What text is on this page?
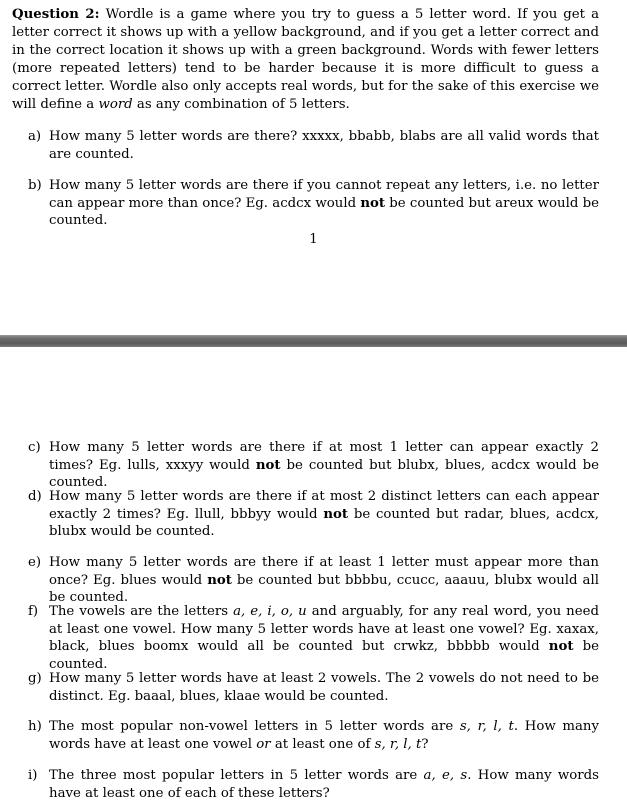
Question 2: Wordle is a game where you try to guess a 5 letter word. If you get a letter correct it shows up with a yellow background, and if you get a letter correct and in the correct location it shows up with a green background. Words with fewer letters (more repeated letters) tend to be harder because it is more difficult to guess a correct letter. Wordle also only accepts real words, but for the sake of this exercise we will define a word as any combination of 5 letters.

a) How many 5 letter words are there? xxxxx, bbabb, blabs are all valid words that are counted.
b) How many 5 letter words are there if you cannot repeat any letters, i.e. no letter can appear more than once? Eg. acdcx would not be counted but areux would be counted.
1
c) How many 5 letter words are there if at most 1 letter can appear exactly 2 times? Eg. lulls, xxxyy would not be counted but blubx, blues, acdcx would be counted.
d) How many 5 letter words are there if at most 2 distinct letters can each appear exactly 2 times? Eg. llull, bbbyy would not be counted but radar, blues, acdcx, blubx would be counted.
e) How many 5 letter words are there if at least 1 letter must appear more than once? Eg. blues would not be counted but bbbbu, ccucc, aaauu, blubx would all be counted.
f) The vowels are the letters a, e, i, o, u and arguably, for any real word, you need at least one vowel. How many 5 letter words have at least one vowel? Eg. xaxax, black, blues boomx would all be counted but crwkz, bbbbb would not be counted.
g) How many 5 letter words have at least 2 vowels. The 2 vowels do not need to be distinct. Eg. baaal, blues, klaae would be counted.
h) The most popular non-vowel letters in 5 letter words are s, r, l, t. How many words have at least one vowel or at least one of s, r, l, t?
i) The three most popular letters in 5 letter words are a, e, s. How many words have at least one of each of these letters?
